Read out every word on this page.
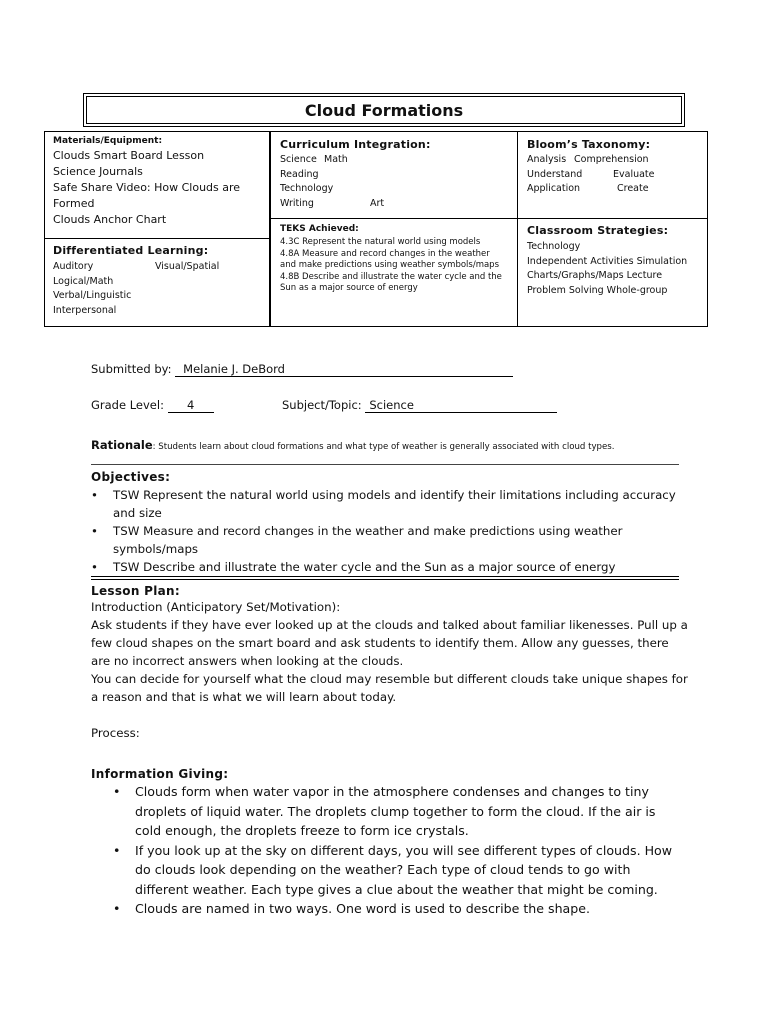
Cloud Formations
Materials/Equipment:
Clouds Smart Board Lesson
Science Journals
Safe Share Video: How Clouds are Formed
Clouds Anchor Chart
Differentiated Learning:
Auditory	Visual/Spatial
Logical/Math
Verbal/Linguistic
Interpersonal
Curriculum Integration:
Science Math
Reading
Technology
Writing	Art
TEKS Achieved:
4.3C Represent the natural world using models
4.8A Measure and record changes in the weather and make predictions using weather symbols/maps
4.8B Describe and illustrate the water cycle and the Sun as a major source of energy
Bloom’s Taxonomy:
Analysis Comprehension
Understand	Evaluate
Application	Create
Classroom Strategies:
Technology
Independent Activities Simulation
Charts/Graphs/Maps Lecture
Problem Solving Whole-group
Submitted by: Melanie J. DeBord
Grade Level: 4	Subject/Topic: Science
Rationale: Students learn about cloud formations and what type of weather is generally associated with cloud types.
Objectives:
• TSW Represent the natural world using models and identify their limitations including accuracy and size
• TSW Measure and record changes in the weather and make predictions using weather symbols/maps
• TSW Describe and illustrate the water cycle and the Sun as a major source of energy
Lesson Plan:
Introduction (Anticipatory Set/Motivation):
Ask students if they have ever looked up at the clouds and talked about familiar likenesses. Pull up a few cloud shapes on the smart board and ask students to identify them. Allow any guesses, there are no incorrect answers when looking at the clouds.
You can decide for yourself what the cloud may resemble but different clouds take unique shapes for a reason and that is what we will learn about today.
Process:
Information Giving:
• Clouds form when water vapor in the atmosphere condenses and changes to tiny droplets of liquid water. The droplets clump together to form the cloud. If the air is cold enough, the droplets freeze to form ice crystals.
• If you look up at the sky on different days, you will see different types of clouds. How do clouds look depending on the weather? Each type of cloud tends to go with different weather. Each type gives a clue about the weather that might be coming.
• Clouds are named in two ways. One word is used to describe the shape.
